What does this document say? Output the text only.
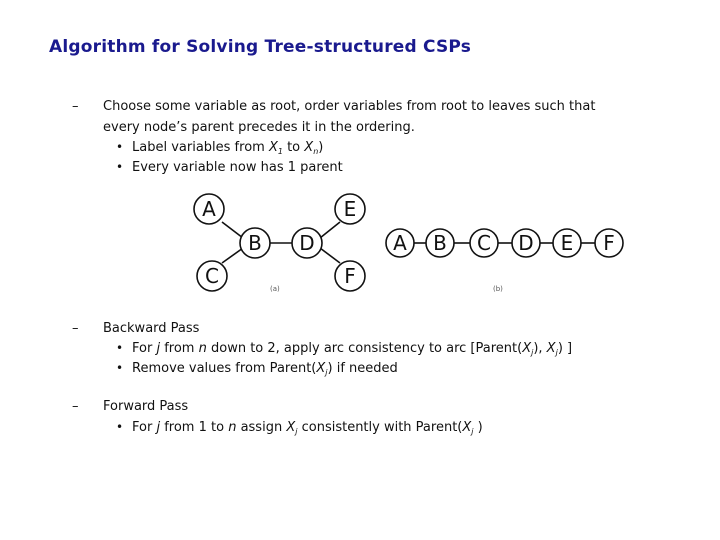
Algorithm for Solving Tree-structured CSPs
– Choose some variable as root, order variables from root to leaves such that
every node’s parent precedes it in the ordering.
• Label variables from $X_1$ to $X_n$)
• Every variable now has 1 parent
A	E
B D
C	F
(a)
A B C D E F
(b)
– Backward Pass
• For j from n down to 2, apply arc consistency to arc [$Parent(X_j)$, $X_j$) ]
• Remove values from $Parent(X_j)$ if needed
– Forward Pass
• For j from 1 to n assign $X_j$ consistently with $Parent(X_j$ )
